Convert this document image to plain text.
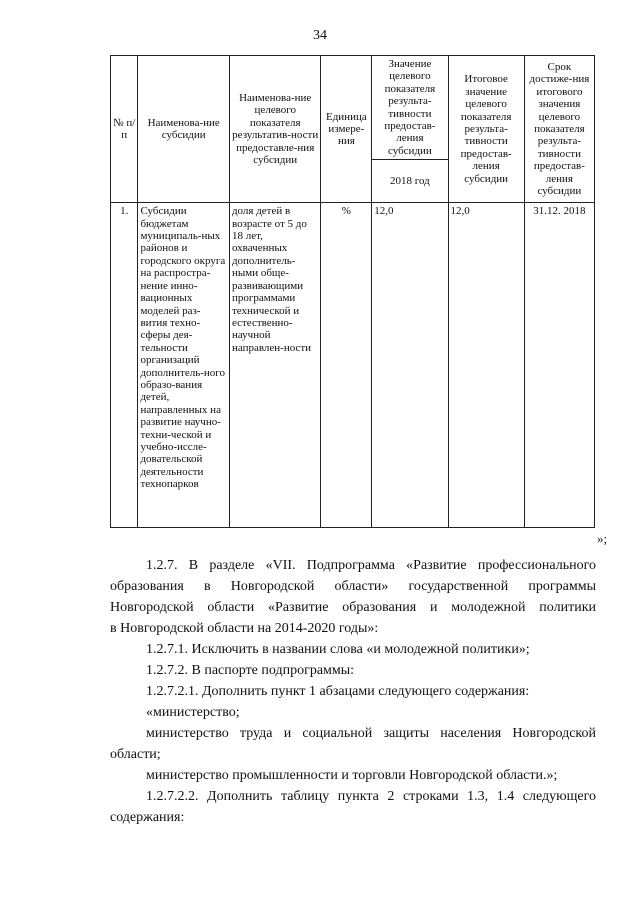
34
№ п/п	Наименова-ние субсидии	Наименова-ние целевого показателя результатив-ности предоставле-ния субсидии	Единица измере-ния	Значение целевого показателя результа-тивности предостав-ления субсидии	Итоговое значение целевого показателя результа-тивности предостав-ления субсидии	Срок достиже-ния итогового значения целевого показателя результа-тивности предостав-ления субсидии
				2018 год		
1.	Субсидии бюджетам муниципаль-ных районов и городского округа на распростра-нение инно-вационных моделей раз-вития техно-сферы дея-тельности организаций дополнитель-ного образо-вания детей, направленных на развитие научно-техни-ческой и учебно-иссле-довательской деятельности технопарков	доля детей в возрасте от 5 до 18 лет, охваченных дополнитель-ными обще-развивающими программами технической и естественно-научной направлен-ности	%	12,0	12,0	31.12. 2018
»;
1.2.7. В разделе «VII. Подпрограмма «Развитие профессионального
образования в Новгородской области» государственной программы
Новгородской области «Развитие образования и молодежной политики
в Новгородской области на 2014-2020 годы»:
1.2.7.1. Исключить в названии слова «и молодежной политики»;
1.2.7.2. В паспорте подпрограммы:
1.2.7.2.1. Дополнить пункт 1 абзацами следующего содержания:
«министерство;
министерство труда и социальной защиты населения Новгородской
области;
министерство промышленности и торговли Новгородской области.»;
1.2.7.2.2. Дополнить таблицу пункта 2 строками 1.3, 1.4 следующего
содержания:
